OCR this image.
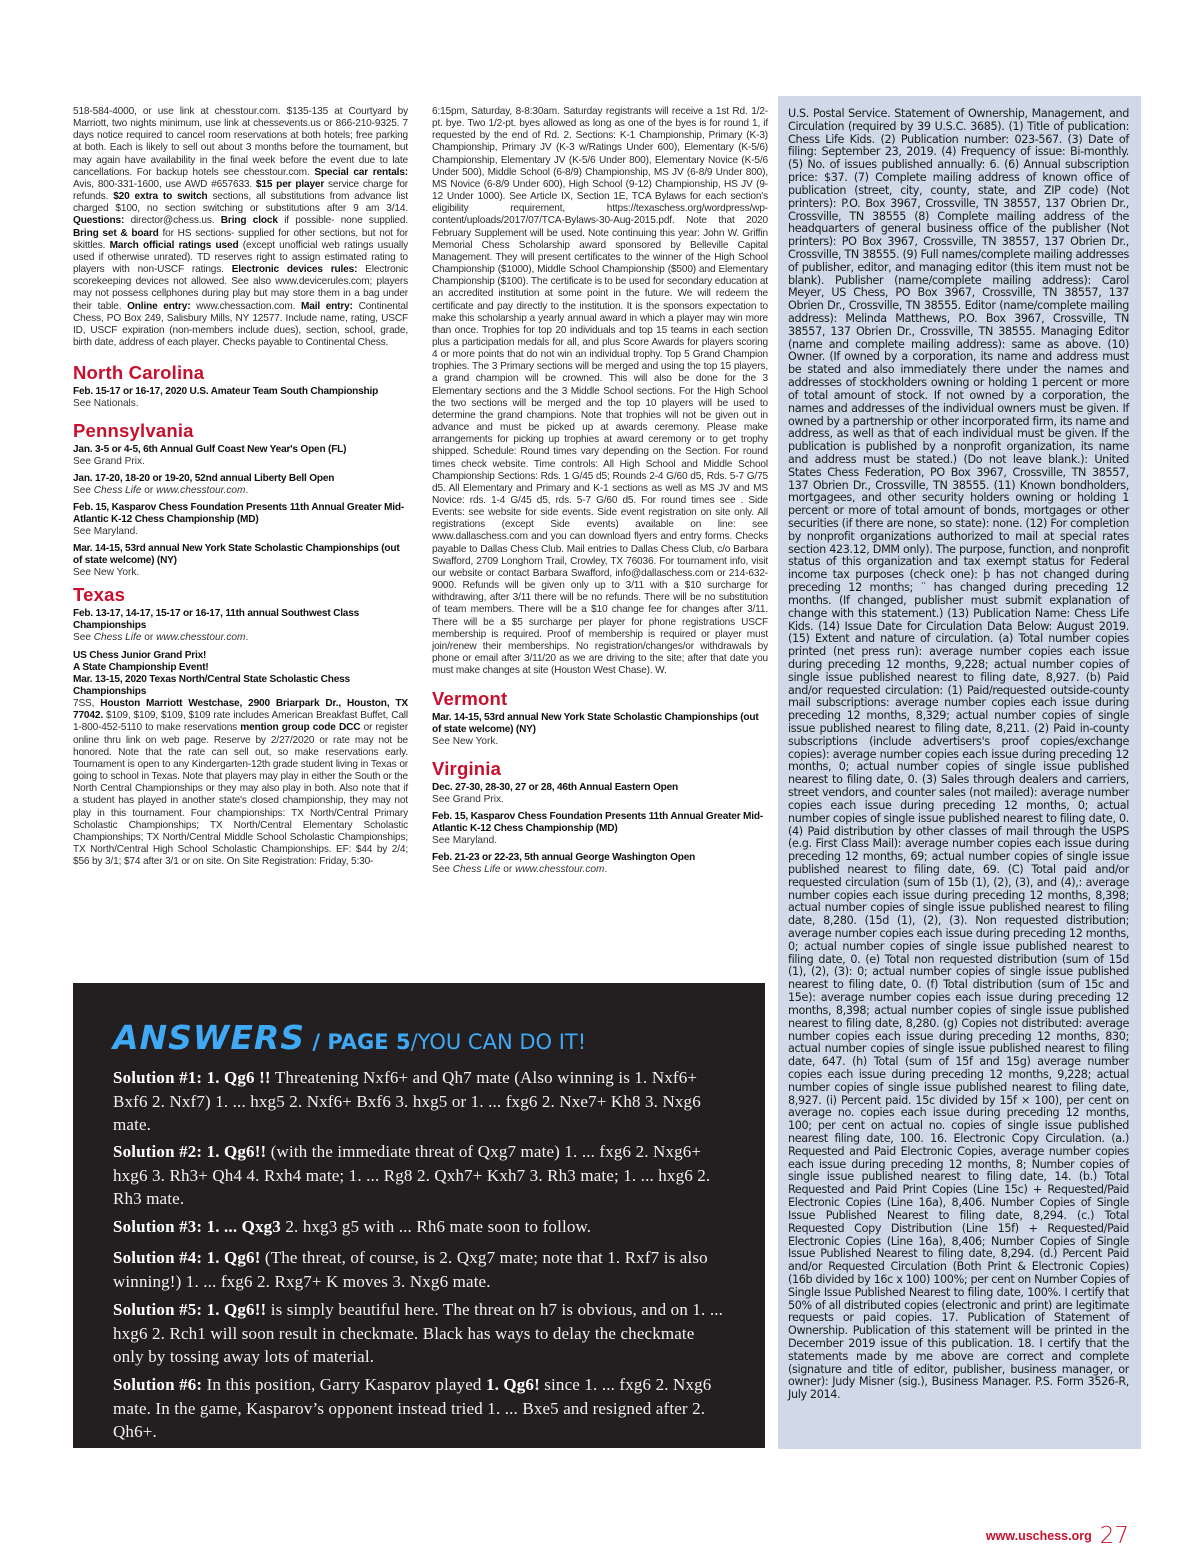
518-584-4000, or use link at chesstour.com. $135-135 at Courtyard by Marriott, two nights minimum, use link at chessevents.us or 866-210-9325. 7 days notice required to cancel room reservations at both hotels; free parking at both. Each is likely to sell out about 3 months before the tournament, but may again have availability in the final week before the event due to late cancellations. For backup hotels see chesstour.com. Special car rentals: Avis, 800-331-1600, use AWD #657633. $15 per player service charge for refunds. $20 extra to switch sections, all substitutions from advance list charged $100, no section switching or substitutions after 9 am 3/14. Questions: director@chess.us. Bring clock if possible- none supplied. Bring set & board for HS sections- supplied for other sections, but not for skittles. March official ratings used (except unofficial web ratings usually used if otherwise unrated). TD reserves right to assign estimated rating to players with non-USCF ratings. Electronic devices rules: Electronic scorekeeping devices not allowed. See also www.devicerules.com; players may not possess cellphones during play but may store them in a bag under their table. Online entry: www.chessaction.com. Mail entry: Continental Chess, PO Box 249, Salisbury Mills, NY 12577. Include name, rating, USCF ID, USCF expiration (non-members include dues), section, school, grade, birth date, address of each player. Checks payable to Continental Chess.
North Carolina
Feb. 15-17 or 16-17, 2020 U.S. Amateur Team South Championship
See Nationals.
Pennsylvania
Jan. 3-5 or 4-5, 6th Annual Gulf Coast New Year's Open (FL)
See Grand Prix.
Jan. 17-20, 18-20 or 19-20, 52nd annual Liberty Bell Open
See Chess Life or www.chesstour.com.
Feb. 15, Kasparov Chess Foundation Presents 11th Annual Greater Mid-Atlantic K-12 Chess Championship (MD)
See Maryland.
Mar. 14-15, 53rd annual New York State Scholastic Championships (out of state welcome) (NY)
See New York.
Texas
Feb. 13-17, 14-17, 15-17 or 16-17, 11th annual Southwest Class Championships
See Chess Life or www.chesstour.com.
US Chess Junior Grand Prix!
A State Championship Event!
Mar. 13-15, 2020 Texas North/Central State Scholastic Chess Championships
7SS, Houston Marriott Westchase, 2900 Briarpark Dr., Houston, TX 77042. $109, $109, $109, $109 rate includes American Breakfast Buffet, Call 1-800-452-5110 to make reservations mention group code DCC or register online thru link on web page. Reserve by 2/27/2020 or rate may not be honored. Note that the rate can sell out, so make reservations early. Tournament is open to any Kindergarten-12th grade student living in Texas or going to school in Texas. Note that players may play in either the South or the North Central Championships or they may also play in both. Also note that if a student has played in another state's closed championship, they may not play in this tournament. Four championships: TX North/Central Primary Scholastic Championships; TX North/Central Elementary Scholastic Championships; TX North/Central Middle School Scholastic Championships; TX North/Central High School Scholastic Championships. EF: $44 by 2/4; $56 by 3/1; $74 after 3/1 or on site. On Site Registration: Friday, 5:30-
6:15pm, Saturday, 8-8:30am. Saturday registrants will receive a 1st Rd. 1/2-pt. bye. Two 1/2-pt. byes allowed as long as one of the byes is for round 1, if requested by the end of Rd. 2. Sections: K-1 Championship, Primary (K-3) Championship, Primary JV (K-3 w/Ratings Under 600), Elementary (K-5/6) Championship, Elementary JV (K-5/6 Under 800), Elementary Novice (K-5/6 Under 500), Middle School (6-8/9) Championship, MS JV (6-8/9 Under 800), MS Novice (6-8/9 Under 600), High School (9-12) Championship, HS JV (9-12 Under 1000). See Article IX, Section 1E, TCA Bylaws for each section's eligibility requirement, https://texaschess.org/wordpress/wp-content/uploads/2017/07/TCA-Bylaws-30-Aug-2015.pdf. Note that 2020 February Supplement will be used. Note continuing this year: John W. Griffin Memorial Chess Scholarship award sponsored by Belleville Capital Management. They will present certificates to the winner of the High School Championship ($1000), Middle School Championship ($500) and Elementary Championship ($100). The certificate is to be used for secondary education at an accredited institution at some point in the future. We will redeem the certificate and pay directly to the institution. It is the sponsors expectation to make this scholarship a yearly annual award in which a player may win more than once. Trophies for top 20 individuals and top 15 teams in each section plus a participation medals for all, and plus Score Awards for players scoring 4 or more points that do not win an individual trophy. Top 5 Grand Champion trophies. The 3 Primary sections will be merged and using the top 15 players, a grand champion will be crowned. This will also be done for the 3 Elementary sections and the 3 Middle School sections. For the High School the two sections will be merged and the top 10 players will be used to determine the grand champions. Note that trophies will not be given out in advance and must be picked up at awards ceremony. Please make arrangements for picking up trophies at award ceremony or to get trophy shipped. Schedule: Round times vary depending on the Section. For round times check website. Time controls: All High School and Middle School Championship Sections: Rds. 1 G/45 d5; Rounds 2-4 G/60 d5, Rds. 5-7 G/75 d5. All Elementary and Primary and K-1 sections as well as MS JV and MS Novice: rds. 1-4 G/45 d5, rds. 5-7 G/60 d5. For round times see . Side Events: see website for side events. Side event registration on site only. All registrations (except Side events) available on line: see www.dallaschess.com and you can download flyers and entry forms. Checks payable to Dallas Chess Club. Mail entries to Dallas Chess Club, c/o Barbara Swafford, 2709 Longhorn Trail, Crowley, TX 76036. For tournament info, visit our website or contact Barbara Swafford, info@dallaschess.com or 214-632-9000. Refunds will be given only up to 3/11 with a $10 surcharge for withdrawing, after 3/11 there will be no refunds. There will be no substitution of team members. There will be a $10 change fee for changes after 3/11. There will be a $5 surcharge per player for phone registrations USCF membership is required. Proof of membership is required or player must join/renew their memberships. No registration/changes/or withdrawals by phone or email after 3/11/20 as we are driving to the site; after that date you must make changes at site (Houston West Chase). W.
Vermont
Mar. 14-15, 53rd annual New York State Scholastic Championships (out of state welcome) (NY)
See New York.
Virginia
Dec. 27-30, 28-30, 27 or 28, 46th Annual Eastern Open
See Grand Prix.
Feb. 15, Kasparov Chess Foundation Presents 11th Annual Greater Mid-Atlantic K-12 Chess Championship (MD)
See Maryland.
Feb. 21-23 or 22-23, 5th annual George Washington Open
See Chess Life or www.chesstour.com.
U.S. Postal Service. Statement of Ownership, Management, and Circulation (required by 39 U.S.C. 3685). (1) Title of publication: Chess Life Kids. (2) Publication number: 023-567. (3) Date of filing: September 23, 2019. (4) Frequency of issue: Bi-monthly. (5) No. of issues published annually: 6. (6) Annual subscription price: $37. (7) Complete mailing address of known office of publication (street, city, county, state, and ZIP code) (Not printers): P.O. Box 3967, Crossville, TN 38557, 137 Obrien Dr., Crossville, TN 38555 (8) Complete mailing address of the headquarters of general business office of the publisher (Not printers): PO Box 3967, Crossville, TN 38557, 137 Obrien Dr., Crossville, TN 38555. (9) Full names/complete mailing addresses of publisher, editor, and managing editor (this item must not be blank). Publisher (name/complete mailing address): Carol Meyer, US Chess, PO Box 3967, Crossville, TN 38557, 137 Obrien Dr., Crossville, TN 38555. Editor (name/complete mailing address): Melinda Matthews, P.O. Box 3967, Crossville, TN 38557, 137 Obrien Dr., Crossville, TN 38555. Managing Editor (name and complete mailing address): same as above. (10) Owner. (If owned by a corporation, its name and address must be stated and also immediately there under the names and addresses of stockholders owning or holding 1 percent or more of total amount of stock. If not owned by a corporation, the names and addresses of the individual owners must be given. If owned by a partnership or other incorporated firm, its name and address, as well as that of each individual must be given. If the publication is published by a nonprofit organization, its name and address must be stated.) (Do not leave blank.): United States Chess Federation, PO Box 3967, Crossville, TN 38557, 137 Obrien Dr., Crossville, TN 38555. (11) Known bondholders, mortgagees, and other security holders owning or holding 1 percent or more of total amount of bonds, mortgages or other securities (if there are none, so state): none. (12) For completion by nonprofit organizations authorized to mail at special rates section 423.12, DMM only). The purpose, function, and nonprofit status of this organization and tax exempt status for Federal income tax purposes (check one): þ has not changed during preceding 12 months; ¨ has changed during preceding 12 months. (If changed, publisher must submit explanation of change with this statement.) (13) Publication Name: Chess Life Kids. (14) Issue Date for Circulation Data Below: August 2019. (15) Extent and nature of circulation. (a) Total number copies printed (net press run): average number copies each issue during preceding 12 months, 9,228; actual number copies of single issue published nearest to filing date, 8,927. (b) Paid and/or requested circulation: (1) Paid/requested outside-county mail subscriptions: average number copies each issue during preceding 12 months, 8,329; actual number copies of single issue published nearest to filing date, 8,211. (2) Paid in-county subscriptions (include advertisers's proof copies/exchange copies): average number copies each issue during preceding 12 months, 0; actual number copies of single issue published nearest to filing date, 0. (3) Sales through dealers and carriers, street vendors, and counter sales (not mailed): average number copies each issue during preceding 12 months, 0; actual number copies of single issue published nearest to filing date, 0. (4) Paid distribution by other classes of mail through the USPS (e.g. First Class Mail): average number copies each issue during preceding 12 months, 69; actual number copies of single issue published nearest to filing date, 69. (C) Total paid and/or requested circulation (sum of 15b (1), (2), (3), and (4),: average number copies each issue during preceding 12 months, 8,398; actual number copies of single issue published nearest to filing date, 8,280. (15d (1), (2), (3). Non requested distribution; average number copies each issue during preceding 12 months, 0; actual number copies of single issue published nearest to filing date, 0. (e) Total non requested distribution (sum of 15d (1), (2), (3): 0; actual number copies of single issue published nearest to filing date, 0. (f) Total distribution (sum of 15c and 15e): average number copies each issue during preceding 12 months, 8,398; actual number copies of single issue published nearest to filing date, 8,280. (g) Copies not distributed: average number copies each issue during preceding 12 months, 830; actual number copies of single issue published nearest to filing date, 647. (h) Total (sum of 15f and 15g) average number copies each issue during preceding 12 months, 9,228; actual number copies of single issue published nearest to filing date, 8,927. (i) Percent paid. 15c divided by 15f × 100), per cent on average no. copies each issue during preceding 12 months, 100; per cent on actual no. copies of single issue published nearest filing date, 100. 16. Electronic Copy Circulation. (a.) Requested and Paid Electronic Copies, average number copies each issue during preceding 12 months, 8; Number copies of single issue published nearest to filing date, 14. (b.) Total Requested and Paid Print Copies (Line 15c) + Requested/Paid Electronic Copies (Line 16a), 8,406. Number Copies of Single Issue Published Nearest to filing date, 8,294. (c.) Total Requested Copy Distribution (Line 15f) + Requested/Paid Electronic Copies (Line 16a), 8,406; Number Copies of Single Issue Published Nearest to filing date, 8,294. (d.) Percent Paid and/or Requested Circulation (Both Print & Electronic Copies) (16b divided by 16c x 100) 100%; per cent on Number Copies of Single Issue Published Nearest to filing date, 100%. I certify that 50% of all distributed copies (electronic and print) are legitimate requests or paid copies. 17. Publication of Statement of Ownership. Publication of this statement will be printed in the December 2019 issue of this publication. 18. I certify that the statements made by me above are correct and complete (signature and title of editor, publisher, business manager, or owner): Judy Misner (sig.), Business Manager. P.S. Form 3526-R, July 2014.
ANSWERS / PAGE 5/YOU CAN DO IT!
Solution #1: 1. Qg6 !! Threatening Nxf6+ and Qh7 mate (Also winning is 1. Nxf6+ Bxf6 2. Nxf7) 1. ... hxg5 2. Nxf6+ Bxf6 3. hxg5 or 1. ... fxg6 2. Nxe7+ Kh8 3. Nxg6 mate.
Solution #2: 1. Qg6!! (with the immediate threat of Qxg7 mate) 1. ... fxg6 2. Nxg6+ hxg6 3. Rh3+ Qh4 4. Rxh4 mate; 1. ... Rg8 2. Qxh7+ Kxh7 3. Rh3 mate; 1. ... hxg6 2. Rh3 mate.
Solution #3: 1. ... Qxg3 2. hxg3 g5 with ... Rh6 mate soon to follow.
Solution #4: 1. Qg6! (The threat, of course, is 2. Qxg7 mate; note that 1. Rxf7 is also winning!) 1. ... fxg6 2. Rxg7+ K moves 3. Nxg6 mate.
Solution #5: 1. Qg6!! is simply beautiful here. The threat on h7 is obvious, and on 1. ... hxg6 2. Rch1 will soon result in checkmate. Black has ways to delay the checkmate only by tossing away lots of material.
Solution #6: In this position, Garry Kasparov played 1. Qg6! since 1. ... fxg6 2. Nxg6 mate. In the game, Kasparov’s opponent instead tried 1. ... Bxe5 and resigned after 2. Qh6+.
www.uschess.org 27
